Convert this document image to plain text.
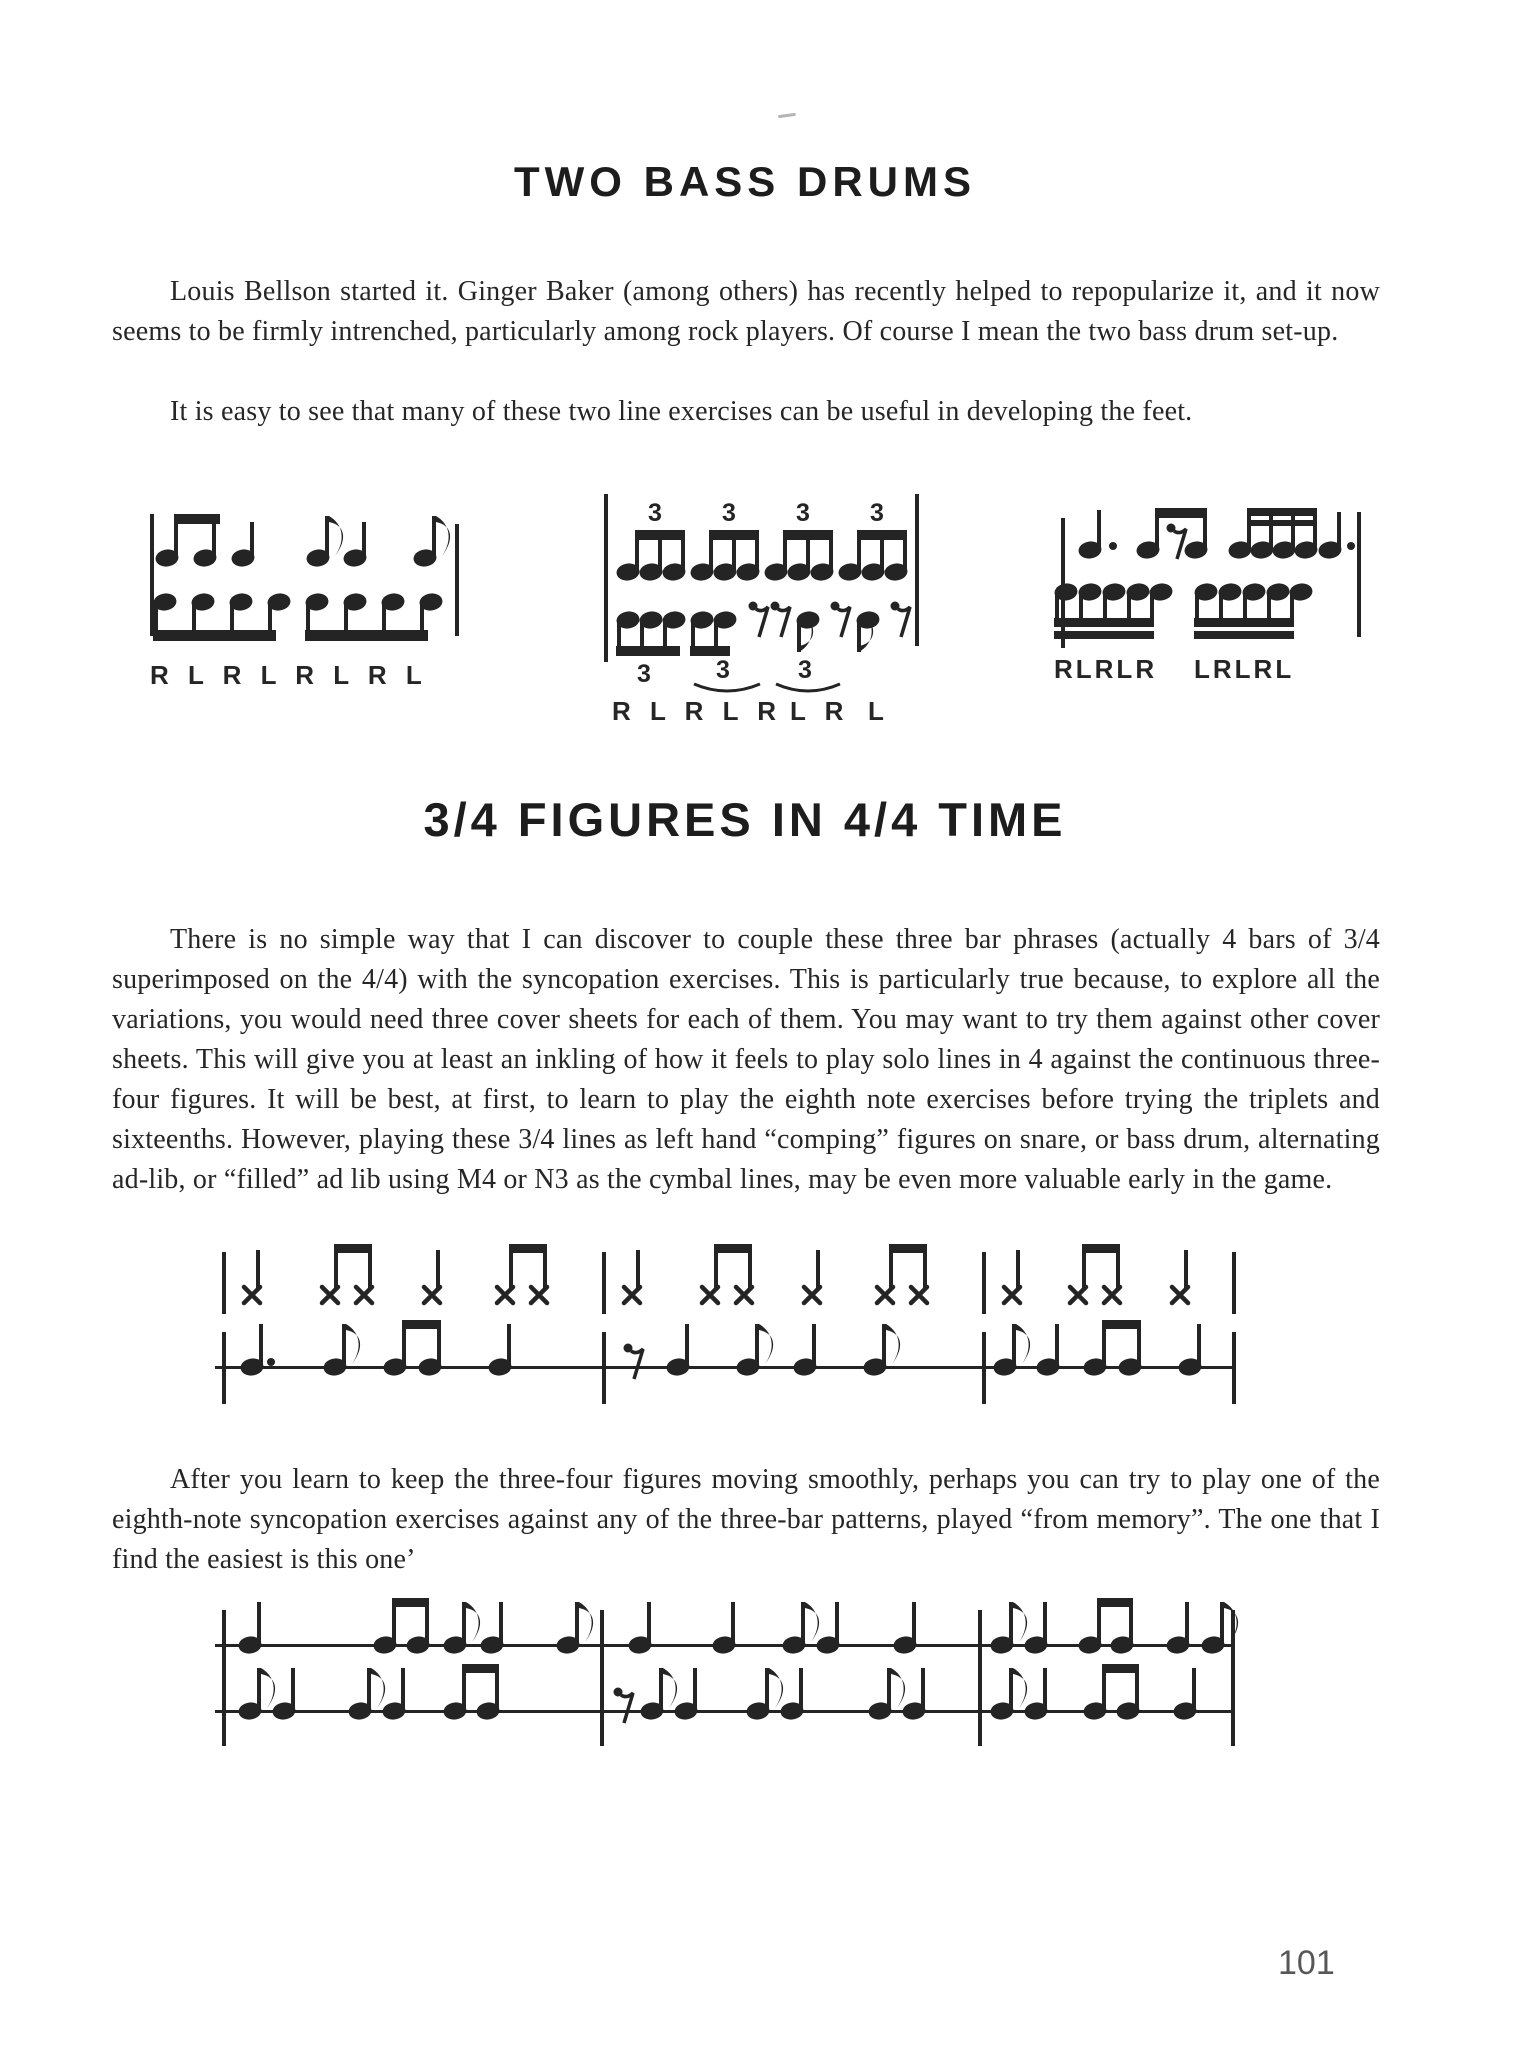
TWO BASS DRUMS

Louis Bellson started it. Ginger Baker (among others) has recently helped to repopularize it, and it now seems to be firmly intrenched, particularly among rock players. Of course I mean the two bass drum set-up.

It is easy to see that many of these two line exercises can be useful in developing the feet.

3/4 FIGURES IN 4/4 TIME

There is no simple way that I can discover to couple these three bar phrases (actually 4 bars of 3/4 superimposed on the 4/4) with the syncopation exercises. This is particularly true because, to explore all the variations, you would need three cover sheets for each of them. You may want to try them against other cover sheets. This will give you at least an inkling of how it feels to play solo lines in 4 against the continuous three-four figures. It will be best, at first, to learn to play the eighth note exercises before trying the triplets and sixteenths. However, playing these 3/4 lines as left hand “comping” figures on snare, or bass drum, alternating ad-lib, or “filled” ad lib using M4 or N3 as the cymbal lines, may be even more valuable early in the game.

After you learn to keep the three-four figures moving smoothly, perhaps you can try to play one of the eighth-note syncopation exercises against any of the three-bar patterns, played “from memory”. The one that I find the easiest is this one’

101
R L R L R L R L
3 3 3 3
3	3	3
R L R L R L R L
RLRLR LRLRL
